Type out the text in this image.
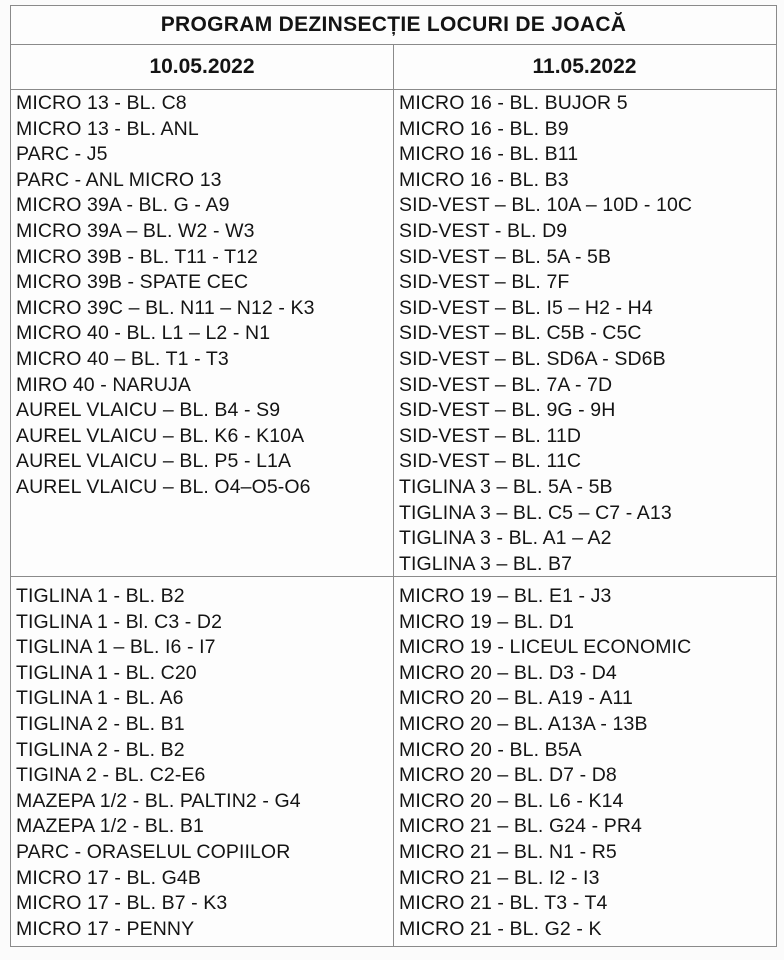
PROGRAM DEZINSECȚIE LOCURI DE JOACĂ
10.05.2022	11.05.2022
MICRO 13 - BL. C8
MICRO 13 - BL. ANL
PARC - J5
PARC - ANL MICRO 13
MICRO 39A - BL. G - A9
MICRO 39A – BL. W2 - W3
MICRO 39B - BL. T11 - T12
MICRO 39B - SPATE CEC
MICRO 39C – BL. N11 – N12 - K3
MICRO 40 - BL. L1 – L2 - N1
MICRO 40 – BL. T1 - T3
MIRO 40 - NARUJA
AUREL VLAICU – BL. B4 - S9
AUREL VLAICU – BL. K6 - K10A
AUREL VLAICU – BL. P5 - L1A
AUREL VLAICU – BL. O4–O5-O6
MICRO 16 - BL. BUJOR 5
MICRO 16 - BL. B9
MICRO 16 - BL. B11
MICRO 16 - BL. B3
SID-VEST – BL. 10A – 10D - 10C
SID-VEST - BL. D9
SID-VEST – BL. 5A - 5B
SID-VEST – BL. 7F
SID-VEST – BL. I5 – H2 - H4
SID-VEST – BL. C5B - C5C
SID-VEST – BL. SD6A - SD6B
SID-VEST – BL. 7A - 7D
SID-VEST – BL. 9G - 9H
SID-VEST – BL. 11D
SID-VEST – BL. 11C
TIGLINA 3 – BL. 5A - 5B
TIGLINA 3 – BL. C5 – C7 - A13
TIGLINA 3 - BL. A1 – A2
TIGLINA 3 – BL. B7
TIGLINA 1 - BL. B2
TIGLINA 1 - Bl. C3 - D2
TIGLINA 1 – BL. I6 - I7
TIGLINA 1 - BL. C20
TIGLINA 1 - BL. A6
TIGLINA 2 - BL. B1
TIGLINA 2 - BL. B2
TIGINA 2 - BL. C2-E6
MAZEPA 1/2 - BL. PALTIN2 - G4
MAZEPA 1/2 - BL. B1
PARC - ORASELUL COPIILOR
MICRO 17 - BL. G4B
MICRO 17 - BL. B7 - K3
MICRO 17 - PENNY
MICRO 19 – BL. E1 - J3
MICRO 19 – BL. D1
MICRO 19 - LICEUL ECONOMIC
MICRO 20 – BL. D3 - D4
MICRO 20 – BL. A19 - A11
MICRO 20 – BL. A13A - 13B
MICRO 20 - BL. B5A
MICRO 20 – BL. D7 - D8
MICRO 20 – BL. L6 - K14
MICRO 21 – BL. G24 - PR4
MICRO 21 – BL. N1 - R5
MICRO 21 – BL. I2 - I3
MICRO 21 - BL. T3 - T4
MICRO 21 - BL. G2 - K
